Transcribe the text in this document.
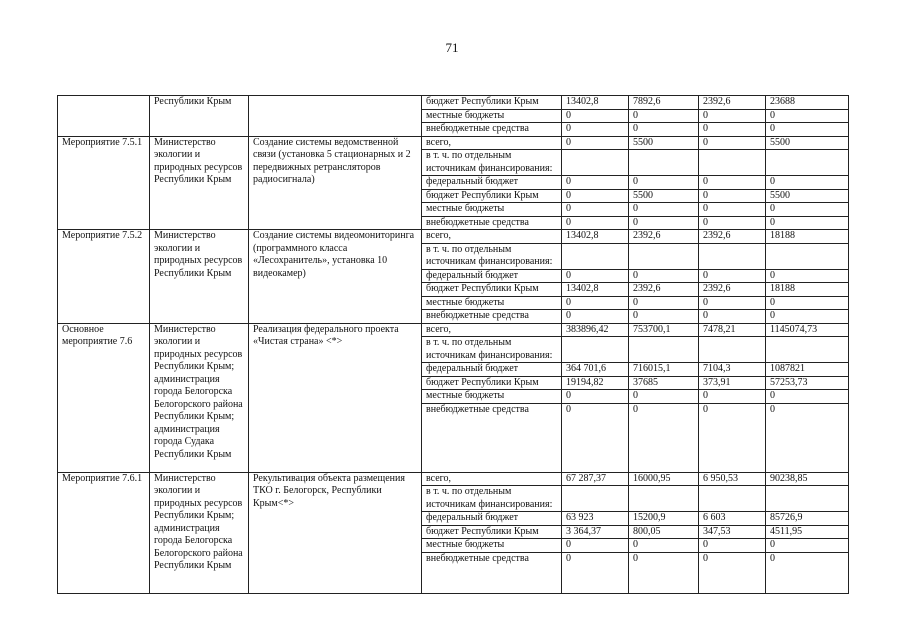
71
	Республики Крым		бюджет Республики Крым	13402,8	7892,6	2392,6	23688
			местные бюджеты	0	0	0	0
			внебюджетные средства	0	0	0	0
Мероприятие 7.5.1	Министерство экологии и природных ресурсов Республики Крым	Создание системы ведомственной связи (установка 5 стационарных и 2 передвижных ретрансляторов радиосигнала)	всего,	0	5500	0	5500
			в т. ч. по отдельным источникам финансирования:				
			федеральный бюджет	0	0	0	0
			бюджет Республики Крым	0	5500	0	5500
			местные бюджеты	0	0	0	0
			внебюджетные средства	0	0	0	0
Мероприятие 7.5.2	Министерство экологии и природных ресурсов Республики Крым	Создание системы видеомониторинга (программного класса «Лесохранитель», установка 10 видеокамер)	всего,	13402,8	2392,6	2392,6	18188
			в т. ч. по отдельным источникам финансирования:				
			федеральный бюджет	0	0	0	0
			бюджет Республики Крым	13402,8	2392,6	2392,6	18188
			местные бюджеты	0	0	0	0
			внебюджетные средства	0	0	0	0
Основное мероприятие 7.6	Министерство экологии и природных ресурсов Республики Крым; администрация города Белогорска Белогорского района Республики Крым; администрация города Судака Республики Крым	Реализация федерального проекта «Чистая страна» <*>	всего,	383896,42	753700,1	7478,21	1145074,73
			в т. ч. по отдельным источникам финансирования:				
			федеральный бюджет	364 701,6	716015,1	7104,3	1087821
			бюджет Республики Крым	19194,82	37685	373,91	57253,73
			местные бюджеты	0	0	0	0
			внебюджетные средства	0	0	0	0
Мероприятие 7.6.1	Министерство экологии и природных ресурсов Республики Крым; администрация города Белогорска Белогорского района Республики Крым	Рекультивация объекта размещения ТКО г. Белогорск, Республики Крым<*>	всего,	67 287,37	16000,95	6 950,53	90238,85
			в т. ч. по отдельным источникам финансирования:				
			федеральный бюджет	63 923	15200,9	6 603	85726,9
			бюджет Республики Крым	3 364,37	800,05	347,53	4511,95
			местные бюджеты	0	0	0	0
			внебюджетные средства	0	0	0	0
